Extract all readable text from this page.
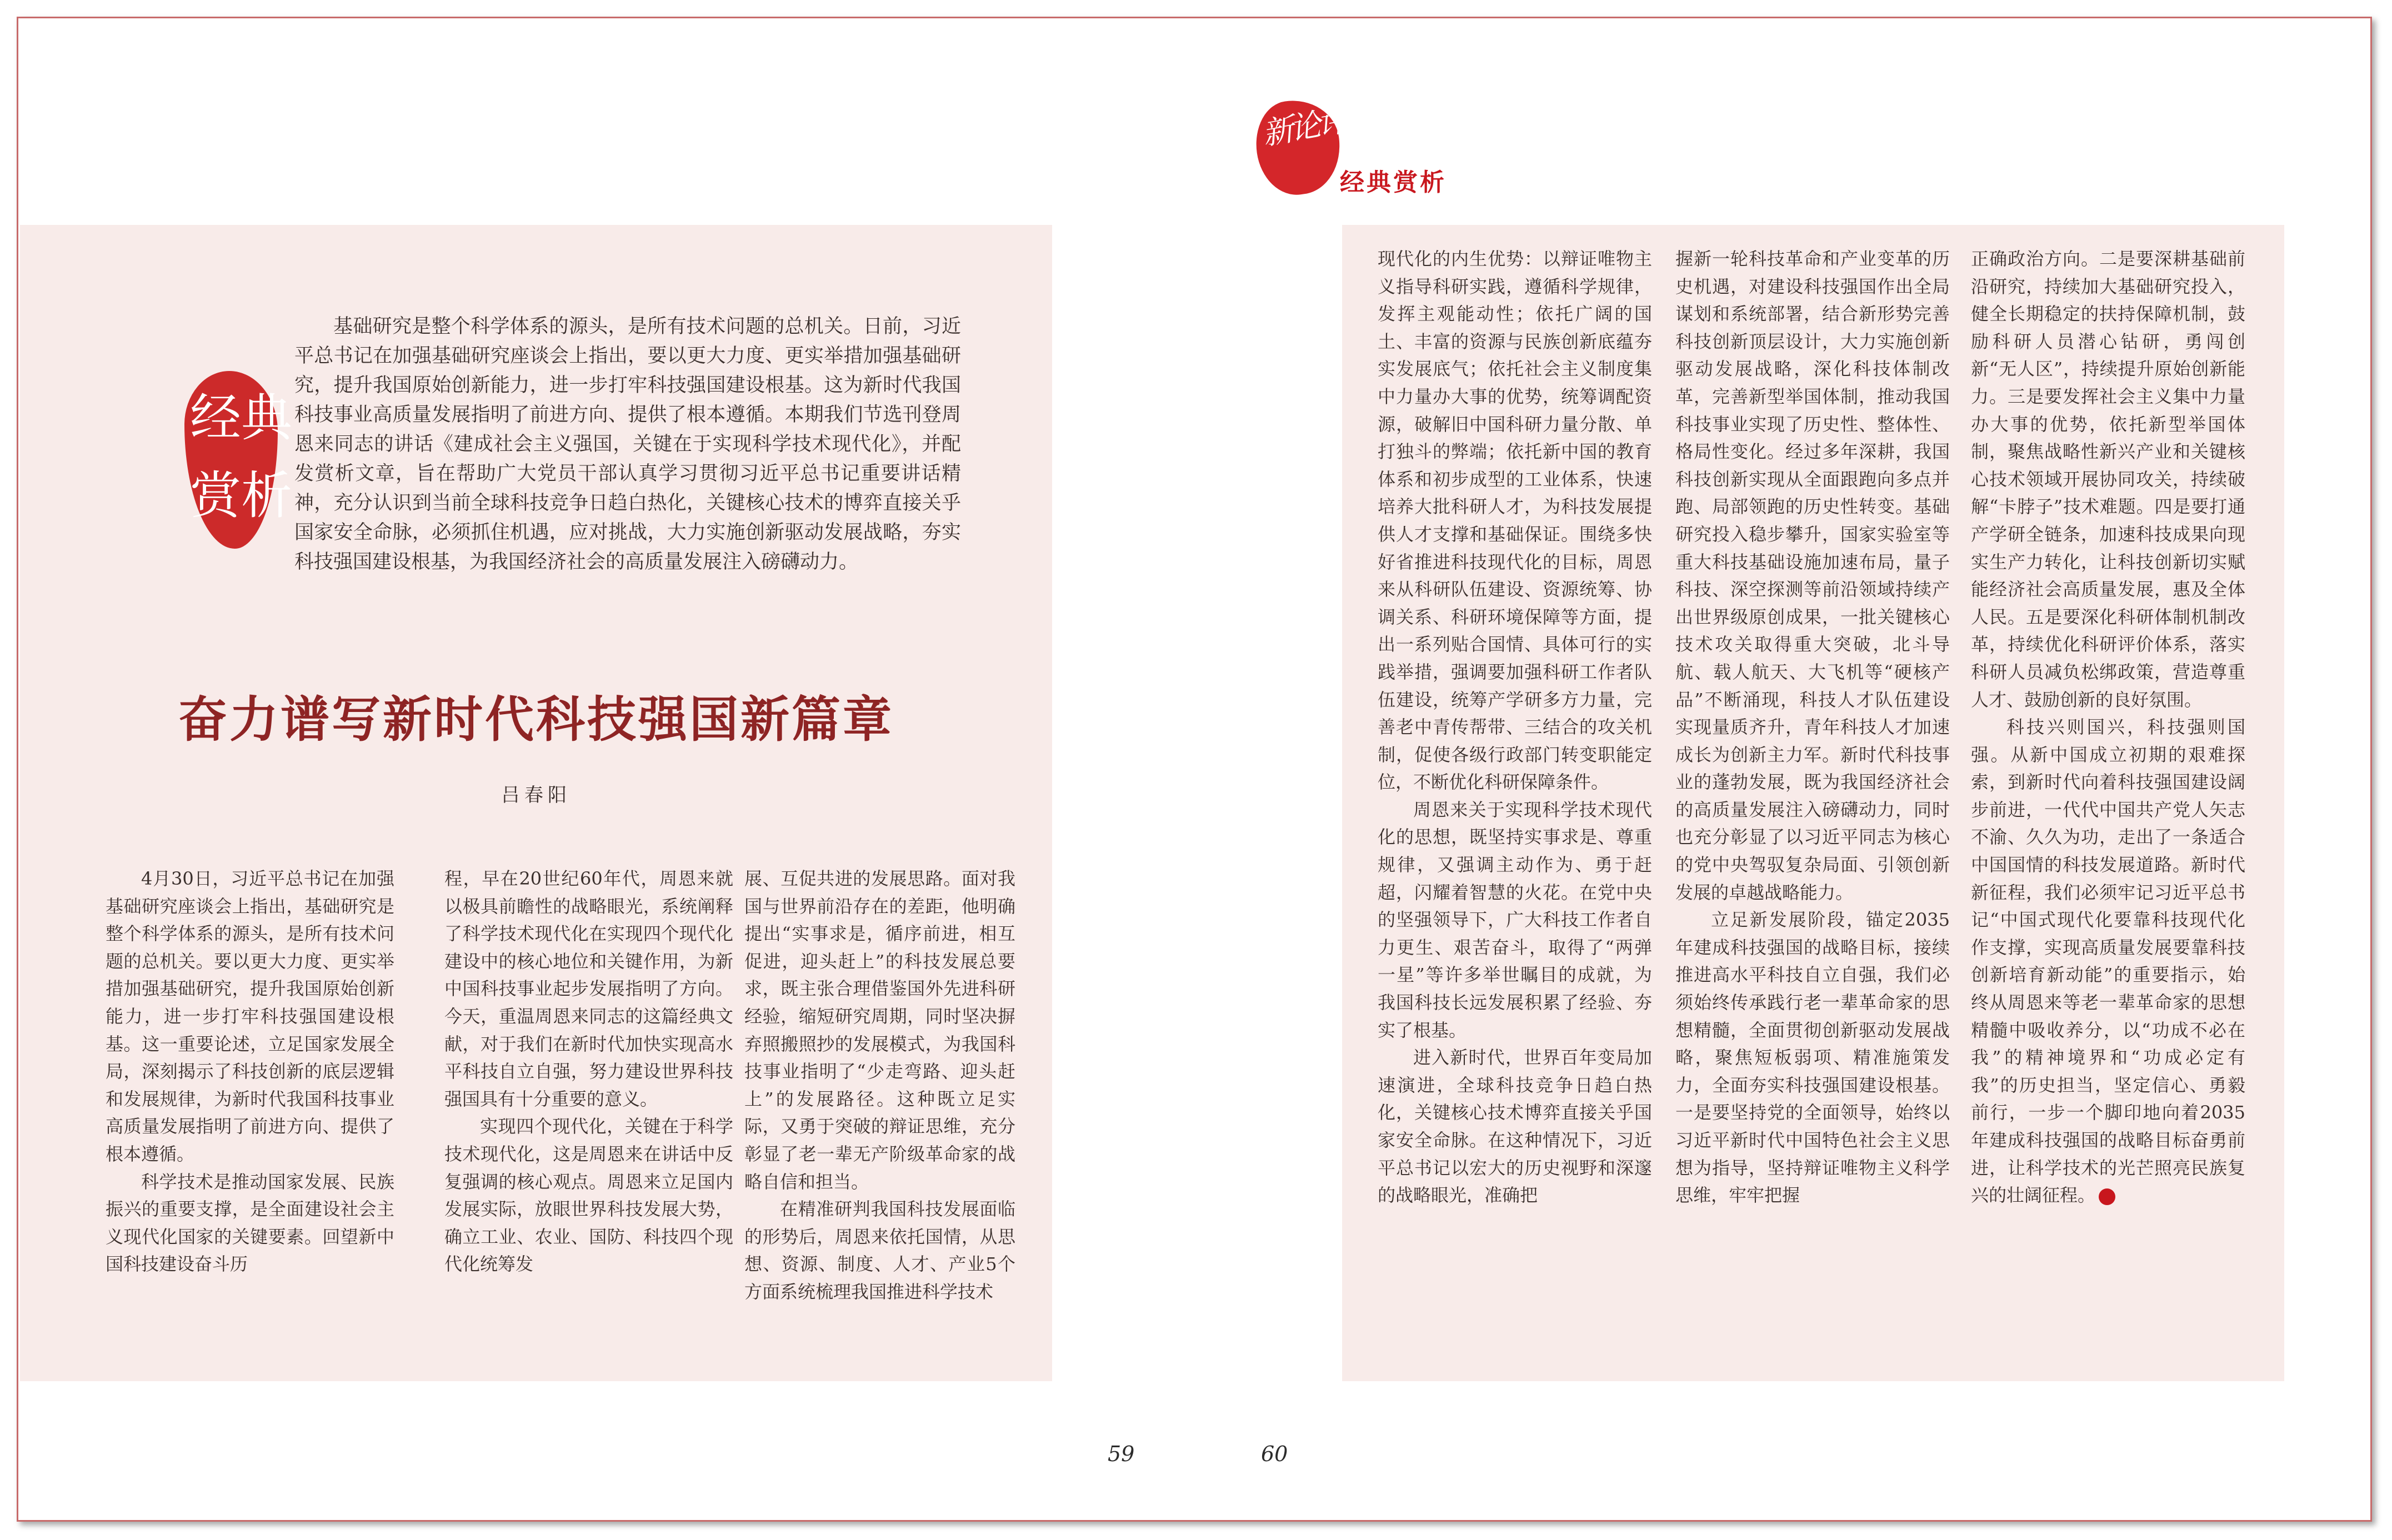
新论评
经典赏析
经 典
赏 析
基础研究是整个科学体系的源头，是所有技术问题的总机关。日前，习近平总书记在加强基础研究座谈会上指出，要以更大力度、更实举措加强基础研究，提升我国原始创新能力，进一步打牢科技强国建设根基。这为新时代我国科技事业高质量发展指明了前进方向、提供了根本遵循。本期我们节选刊登周恩来同志的讲话《建成社会主义强国，关键在于实现科学技术现代化》，并配发赏析文章，旨在帮助广大党员干部认真学习贯彻习近平总书记重要讲话精神，充分认识到当前全球科技竞争日趋白热化，关键核心技术的博弈直接关乎国家安全命脉，必须抓住机遇，应对挑战，大力实施创新驱动发展战略，夯实科技强国建设根基，为我国经济社会的高质量发展注入磅礴动力。
奋力谱写新时代科技强国新篇章
吕春阳

4月30日，习近平总书记在加强基础研究座谈会上指出，基础研究是整个科学体系的源头，是所有技术问题的总机关。要以更大力度、更实举措加强基础研究，提升我国原始创新能力，进一步打牢科技强国建设根基。这一重要论述，立足国家发展全局，深刻揭示了科技创新的底层逻辑和发展规律，为新时代我国科技事业高质量发展指明了前进方向、提供了根本遵循。

科学技术是推动国家发展、民族振兴的重要支撑，是全面建设社会主义现代化国家的关键要素。回望新中国科技建设奋斗历

程，早在20世纪60年代，周恩来就以极具前瞻性的战略眼光，系统阐释了科学技术现代化在实现四个现代化建设中的核心地位和关键作用，为新中国科技事业起步发展指明了方向。今天，重温周恩来同志的这篇经典文献，对于我们在新时代加快实现高水平科技自立自强，努力建设世界科技强国具有十分重要的意义。

实现四个现代化，关键在于科学技术现代化，这是周恩来在讲话中反复强调的核心观点。周恩来立足国内发展实际，放眼世界科技发展大势，确立工业、农业、国防、科技四个现代化统筹发

展、互促共进的发展思路。面对我国与世界前沿存在的差距，他明确提出“实事求是，循序前进，相互促进，迎头赶上”的科技发展总要求，既主张合理借鉴国外先进科研经验，缩短研究周期，同时坚决摒弃照搬照抄的发展模式，为我国科技事业指明了“少走弯路、迎头赶上”的发展路径。这种既立足实际，又勇于突破的辩证思维，充分彰显了老一辈无产阶级革命家的战略自信和担当。

在精准研判我国科技发展面临的形势后，周恩来依托国情，从思想、资源、制度、人才、产业5个方面系统梳理我国推进科学技术

现代化的内生优势：以辩证唯物主义指导科研实践，遵循科学规律，发挥主观能动性；依托广阔的国土、丰富的资源与民族创新底蕴夯实发展底气；依托社会主义制度集中力量办大事的优势，统筹调配资源，破解旧中国科研力量分散、单打独斗的弊端；依托新中国的教育体系和初步成型的工业体系，快速培养大批科研人才，为科技发展提供人才支撑和基础保证。围绕多快好省推进科技现代化的目标，周恩来从科研队伍建设、资源统筹、协调关系、科研环境保障等方面，提出一系列贴合国情、具体可行的实践举措，强调要加强科研工作者队伍建设，统筹产学研多方力量，完善老中青传帮带、三结合的攻关机制，促使各级行政部门转变职能定位，不断优化科研保障条件。

周恩来关于实现科学技术现代化的思想，既坚持实事求是、尊重规律，又强调主动作为、勇于赶超，闪耀着智慧的火花。在党中央的坚强领导下，广大科技工作者自力更生、艰苦奋斗，取得了“两弹一星”等许多举世瞩目的成就，为我国科技长远发展积累了经验、夯实了根基。

进入新时代，世界百年变局加速演进，全球科技竞争日趋白热化，关键核心技术博弈直接关乎国家安全命脉。在这种情况下，习近平总书记以宏大的历史视野和深邃的战略眼光，准确把

握新一轮科技革命和产业变革的历史机遇，对建设科技强国作出全局谋划和系统部署，结合新形势完善科技创新顶层设计，大力实施创新驱动发展战略，深化科技体制改革，完善新型举国体制，推动我国科技事业实现了历史性、整体性、格局性变化。经过多年深耕，我国科技创新实现从全面跟跑向多点并跑、局部领跑的历史性转变。基础研究投入稳步攀升，国家实验室等重大科技基础设施加速布局，量子科技、深空探测等前沿领域持续产出世界级原创成果，一批关键核心技术攻关取得重大突破，北斗导航、载人航天、大飞机等“硬核产品”不断涌现，科技人才队伍建设实现量质齐升，青年科技人才加速成长为创新主力军。新时代科技事业的蓬勃发展，既为我国经济社会的高质量发展注入磅礴动力，同时也充分彰显了以习近平同志为核心的党中央驾驭复杂局面、引领创新发展的卓越战略能力。

立足新发展阶段，锚定2035年建成科技强国的战略目标，接续推进高水平科技自立自强，我们必须始终传承践行老一辈革命家的思想精髓，全面贯彻创新驱动发展战略，聚焦短板弱项、精准施策发力，全面夯实科技强国建设根基。一是要坚持党的全面领导，始终以习近平新时代中国特色社会主义思想为指导，坚持辩证唯物主义科学思维，牢牢把握

正确政治方向。二是要深耕基础前沿研究，持续加大基础研究投入，健全长期稳定的扶持保障机制，鼓励科研人员潜心钻研，勇闯创新“无人区”，持续提升原始创新能力。三是要发挥社会主义集中力量办大事的优势，依托新型举国体制，聚焦战略性新兴产业和关键核心技术领域开展协同攻关，持续破解“卡脖子”技术难题。四是要打通产学研全链条，加速科技成果向现实生产力转化，让科技创新切实赋能经济社会高质量发展，惠及全体人民。五是要深化科研体制机制改革，持续优化科研评价体系，落实科研人员减负松绑政策，营造尊重人才、鼓励创新的良好氛围。

科技兴则国兴，科技强则国强。从新中国成立初期的艰难探索，到新时代向着科技强国建设阔步前进，一代代中国共产党人矢志不渝、久久为功，走出了一条适合中国国情的科技发展道路。新时代新征程，我们必须牢记习近平总书记“中国式现代化要靠科技现代化作支撑，实现高质量发展要靠科技创新培育新动能”的重要指示，始终从周恩来等老一辈革命家的思想精髓中吸收养分，以“功成不必在我”的精神境界和“功成必定有我”的历史担当，坚定信心、勇毅前行，一步一个脚印地向着2035年建成科技强国的战略目标奋勇前进，让科学技术的光芒照亮民族复兴的壮阔征程。

59	60
